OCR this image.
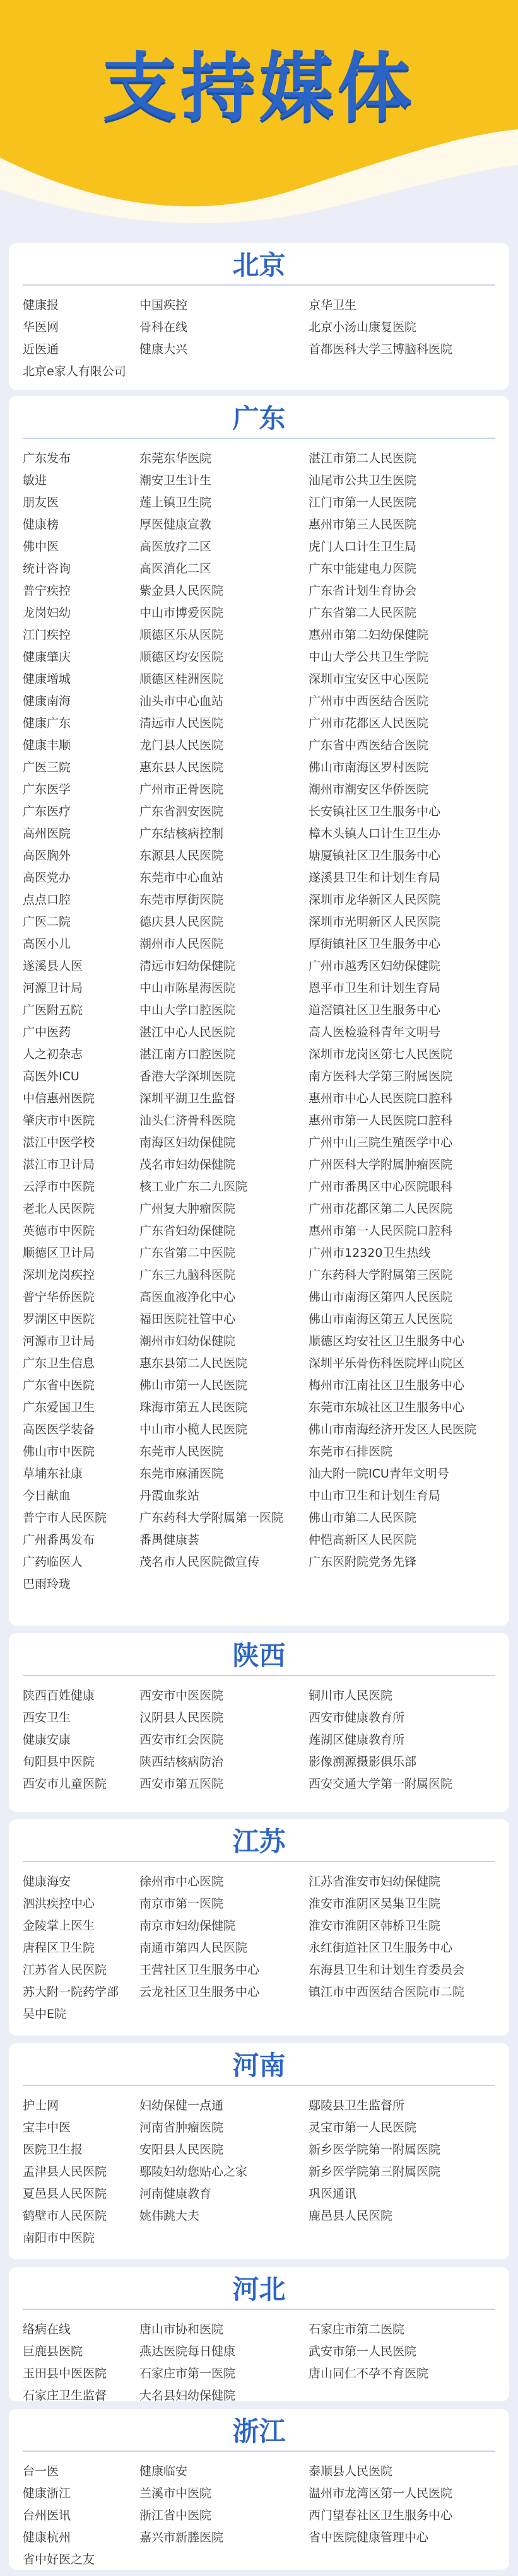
支持媒体
北京
健康报	中国疾控	京华卫生
华医网	骨科在线	北京小汤山康复医院
近医通	健康大兴	首都医科大学三博脑科医院
北京e家人有限公司
广东
广东发布	东莞东华医院	湛江市第二人民医院
敏进	潮安卫生计生	汕尾市公共卫生医院
朋友医	莲上镇卫生院	江门市第一人民医院
健康榜	厚医健康宣教	惠州市第三人民医院
佛中医	高医放疗二区	虎门人口计生卫生局
统计咨询	高医消化二区	广东中能建电力医院
普宁疾控	紫金县人民医院	广东省计划生育协会
龙岗妇幼	中山市博爱医院	广东省第二人民医院
江门疾控	顺德区乐从医院	惠州市第二妇幼保健院
健康肇庆	顺德区均安医院	中山大学公共卫生学院
健康增城	顺德区桂洲医院	深圳市宝安区中心医院
健康南海	汕头市中心血站	广州市中西医结合医院
健康广东	清远市人民医院	广州市花都区人民医院
健康丰顺	龙门县人民医院	广东省中西医结合医院
广医三院	惠东县人民医院	佛山市南海区罗村医院
广东医学	广州市正骨医院	潮州市潮安区华侨医院
广东医疗	广东省泗安医院	长安镇社区卫生服务中心
高州医院	广东结核病控制	樟木头镇人口计生卫生办
高医胸外	东源县人民医院	塘厦镇社区卫生服务中心
高医党办	东莞市中心血站	遂溪县卫生和计划生育局
点点口腔	东莞市厚街医院	深圳市龙华新区人民医院
广医二院	德庆县人民医院	深圳市光明新区人民医院
高医小儿	潮州市人民医院	厚街镇社区卫生服务中心
遂溪县人医	清远市妇幼保健院	广州市越秀区妇幼保健院
河源卫计局	中山市陈星海医院	恩平市卫生和计划生育局
广医附五院	中山大学口腔医院	道滘镇社区卫生服务中心
广中医药	湛江中心人民医院	高人医检验科青年文明号
人之初杂志	湛江南方口腔医院	深圳市龙岗区第七人民医院
高医外ICU	香港大学深圳医院	南方医科大学第三附属医院
中信惠州医院	深圳平湖卫生监督	惠州市中心人民医院口腔科
肇庆市中医院	汕头仁济骨科医院	惠州市第一人民医院口腔科
湛江中医学校	南海区妇幼保健院	广州中山三院生殖医学中心
湛江市卫计局	茂名市妇幼保健院	广州医科大学附属肿瘤医院
云浮市中医院	核工业广东二九医院	广州市番禺区中心医院眼科
老北人民医院	广州复大肿瘤医院	广州市花都区第二人民医院
英德市中医院	广东省妇幼保健院	惠州市第一人民医院口腔科
顺德区卫计局	广东省第二中医院	广州市12320卫生热线
深圳龙岗疾控	广东三九脑科医院	广东药科大学附属第三医院
普宁华侨医院	高医血液净化中心	佛山市南海区第四人民医院
罗湖区中医院	福田医院社管中心	佛山市南海区第五人民医院
河源市卫计局	潮州市妇幼保健院	顺德区均安社区卫生服务中心
广东卫生信息	惠东县第二人民医院	深圳平乐骨伤科医院坪山院区
广东省中医院	佛山市第一人民医院	梅州市江南社区卫生服务中心
广东爱国卫生	珠海市第五人民医院	东莞市东城社区卫生服务中心
高医医学装备	中山市小榄人民医院	佛山市南海经济开发区人民医院
佛山市中医院	东莞市人民医院	东莞市石排医院
草埔东社康	东莞市麻涌医院	汕大附一院ICU青年文明号
今日献血	丹霞血浆站	中山市卫生和计划生育局
普宁市人民医院	广东药科大学附属第一医院	佛山市第二人民医院
广州番禺发布	番禺健康荟	仲恺高新区人民医院
广药临医人	茂名市人民医院微宣传	广东医附院党务先锋
巴雨玲珑
陕西
陕西百姓健康	西安市中医医院	铜川市人民医院
西安卫生	汉阴县人民医院	西安市健康教育所
健康安康	西安市红会医院	莲湖区健康教育所
旬阳县中医院	陕西结核病防治	影像溯源摄影俱乐部
西安市儿童医院	西安市第五医院	西安交通大学第一附属医院
江苏
健康海安	徐州市中心医院	江苏省淮安市妇幼保健院
泗洪疾控中心	南京市第一医院	淮安市淮阴区吴集卫生院
金陵掌上医生	南京市妇幼保健院	淮安市淮阴区韩桥卫生院
唐程区卫生院	南通市第四人民医院	永红街道社区卫生服务中心
江苏省人民医院	王营社区卫生服务中心	东海县卫生和计划生育委员会
苏大附一院药学部	云龙社区卫生服务中心	镇江市中西医结合医院市二院
吴中E院
河南
护士网	妇幼保健一点通	鄢陵县卫生监督所
宝丰中医	河南省肿瘤医院	灵宝市第一人民医院
医院卫生报	安阳县人民医院	新乡医学院第一附属医院
孟津县人民医院	鄢陵妇幼您贴心之家	新乡医学院第三附属医院
夏邑县人民医院	河南健康教育	巩医通讯
鹤壁市人民医院	姚伟跳大夫	鹿邑县人民医院
南阳市中医院
河北
络病在线	唐山市协和医院	石家庄市第二医院
巨鹿县医院	燕达医院每日健康	武安市第一人民医院
玉田县中医医院	石家庄市第一医院	唐山同仁不孕不育医院
石家庄卫生监督	大名县妇幼保健院
浙江
台一医	健康临安	泰顺县人民医院
健康浙江	兰溪市中医院	温州市龙湾区第一人民医院
台州医讯	浙江省中医院	西门望春社区卫生服务中心
健康杭州	嘉兴市新塍医院	省中医院健康管理中心
省中好医之友
